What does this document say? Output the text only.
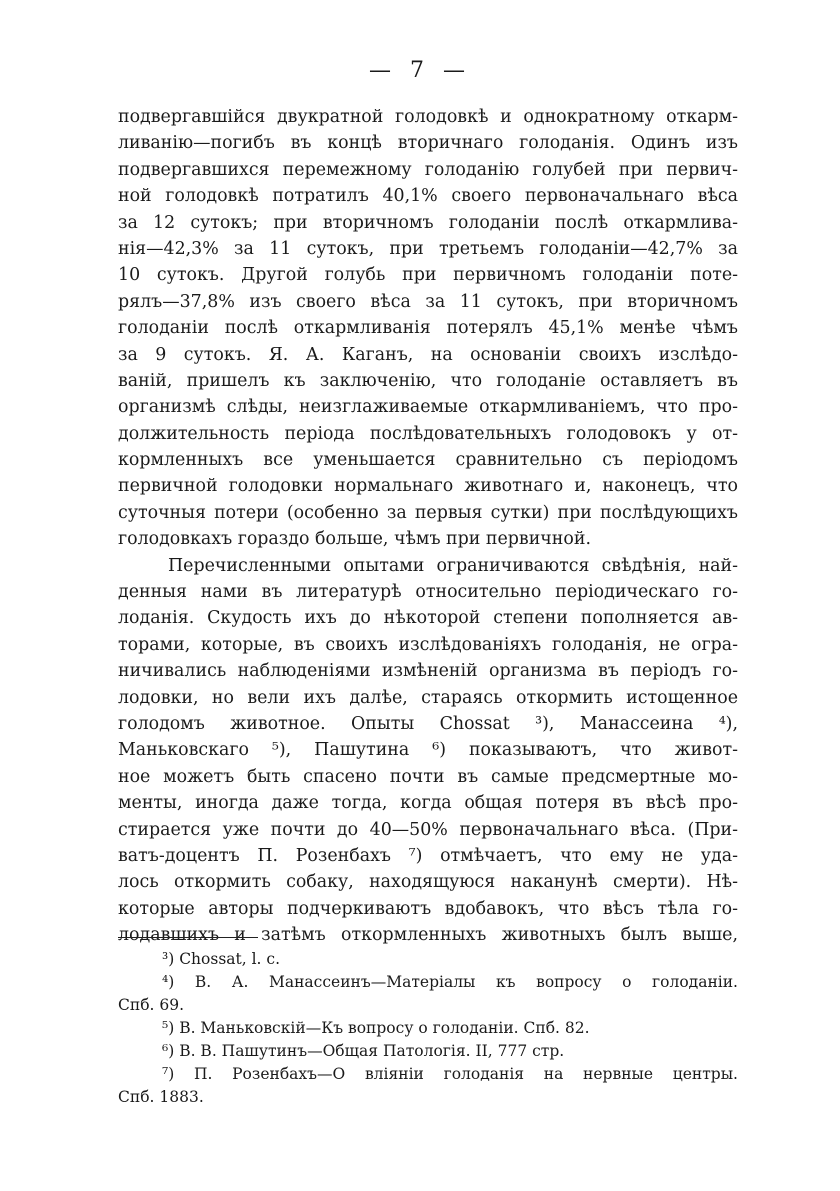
— 7 —
подвергавшійся двукратной голодовкѣ и однократному откарм-
ливанію—погибъ въ концѣ вторичнаго голоданія. Одинъ изъ
подвергавшихся перемежному голоданію голубей при первич-
ной голодовкѣ потратилъ 40,1% своего первоначальнаго вѣса
за 12 сутокъ; при вторичномъ голоданіи послѣ откармлива-
нія—42,3% за 11 сутокъ, при третьемъ голоданіи—42,7% за
10 сутокъ. Другой голубь при первичномъ голоданіи поте-
рялъ—37,8% изъ своего вѣса за 11 сутокъ, при вторичномъ
голоданіи послѣ откармливанія потерялъ 45,1% менѣе чѣмъ
за 9 сутокъ. Я. А. Каганъ, на основаніи своихъ изслѣдо-
ваній, пришелъ къ заключенію, что голоданіе оставляетъ въ
организмѣ слѣды, неизглаживаемые откармливаніемъ, что про-
должительность періода послѣдовательныхъ голодовокъ у от-
кормленныхъ все уменьшается сравнительно съ періодомъ
первичной голодовки нормальнаго животнаго и, наконецъ, что
суточныя потери (особенно за первыя сутки) при послѣдующихъ
голодовкахъ гораздо больше, чѣмъ при первичной.
Перечисленными опытами ограничиваются свѣдѣнія, най-
денныя нами въ литературѣ относительно періодическаго го-
лоданія. Скудость ихъ до нѣкоторой степени пополняется ав-
торами, которые, въ своихъ изслѣдованіяхъ голоданія, не огра-
ничивались наблюденіями измѣненій организма въ періодъ го-
лодовки, но вели ихъ далѣе, стараясь откормить истощенное
голодомъ животное. Опыты Chossat ³), Манассеина ⁴),
Маньковскаго ⁵), Пашутина ⁶) показываютъ, что живот-
ное можетъ быть спасено почти въ самые предсмертные мо-
менты, иногда даже тогда, когда общая потеря въ вѣсѣ про-
стирается уже почти до 40—50% первоначальнаго вѣса. (При-
ватъ-доцентъ П. Розенбахъ ⁷) отмѣчаетъ, что ему не уда-
лось откормить собаку, находящуюся наканунѣ смерти). Нѣ-
которые авторы подчеркиваютъ вдобавокъ, что вѣсъ тѣла го-
лодавшихъ и затѣмъ откормленныхъ животныхъ былъ выше,
³) Chossat, l. c.
⁴) В. А. Манассеинъ—Матеріалы къ вопросу о голоданіи.
Спб. 69.
⁵) В. Маньковскій—Къ вопросу о голоданіи. Спб. 82.
⁶) В. В. Пашутинъ—Общая Патологія. II, 777 стр.
⁷) П. Розенбахъ—О вліяніи голоданія на нервные центры.
Спб. 1883.
